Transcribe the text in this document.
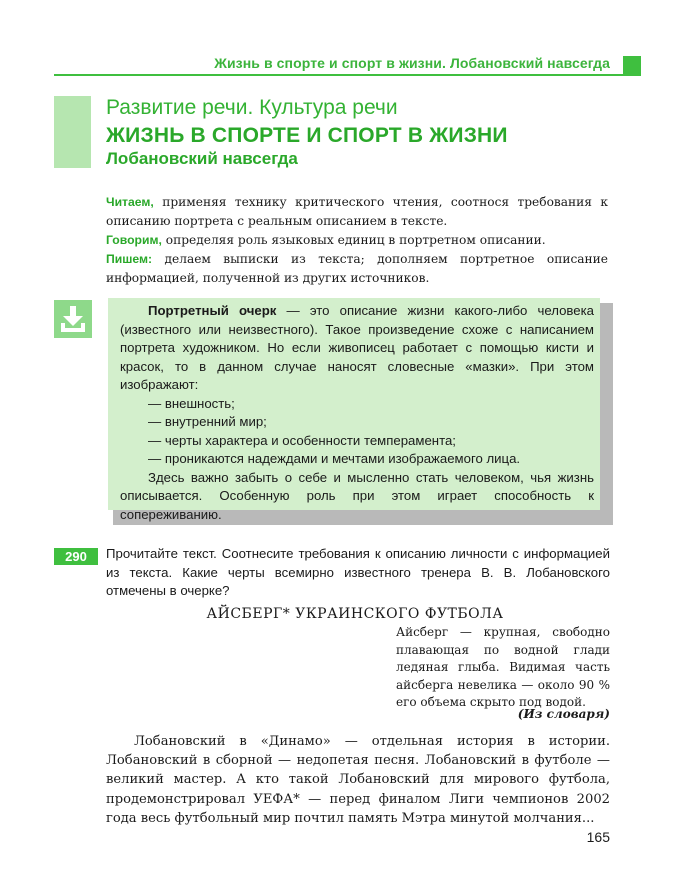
Жизнь в спорте и спорт в жизни. Лобановский навсегда
Развитие речи. Культура речи
ЖИЗНЬ В СПОРТЕ И СПОРТ В ЖИЗНИ
Лобановский навсегда

Читаем, применяя технику критического чтения, соотнося требования к описанию портрета с реальным описанием в тексте.

Говорим, определяя роль языковых единиц в портретном описании.

Пишем: делаем выписки из текста; дополняем портретное описание информацией, полученной из других источников.

Портретный очерк — это описание жизни какого-либо человека (известного или неизвестного). Такое произведение схоже с написанием портрета художником. Но если живописец работает с помощью кисти и красок, то в данном случае наносят словесные «мазки». При этом изображают:

— внешность;

— внутренний мир;

— черты характера и особенности темперамента;

— проникаются надеждами и мечтами изображаемого лица.

Здесь важно забыть о себе и мысленно стать человеком, чья жизнь описывается. Особенную роль при этом играет способность к сопереживанию.

290	Прочитайте текст. Соотнесите требования к описанию личности с информацией из текста. Какие черты всемирно известного тренера В. В. Лобановского отмечены в очерке?
АЙСБЕРГ* УКРАИНСКОГО ФУТБОЛА
Айсберг — крупная, свободно плавающая по водной глади ледяная глыба. Видимая часть айсберга невелика — около 90 % его объема скрыто под водой.
(Из словаря)
Лобановский в «Динамо» — отдельная история в истории. Лобановский в сборной — недопетая песня. Лобановский в футболе — великий мастер. А кто такой Лобановский для мирового футбола, продемонстрировал УЕФА* — перед финалом Лиги чемпионов 2002 года весь футбольный мир почтил память Мэтра минутой молчания...
165
